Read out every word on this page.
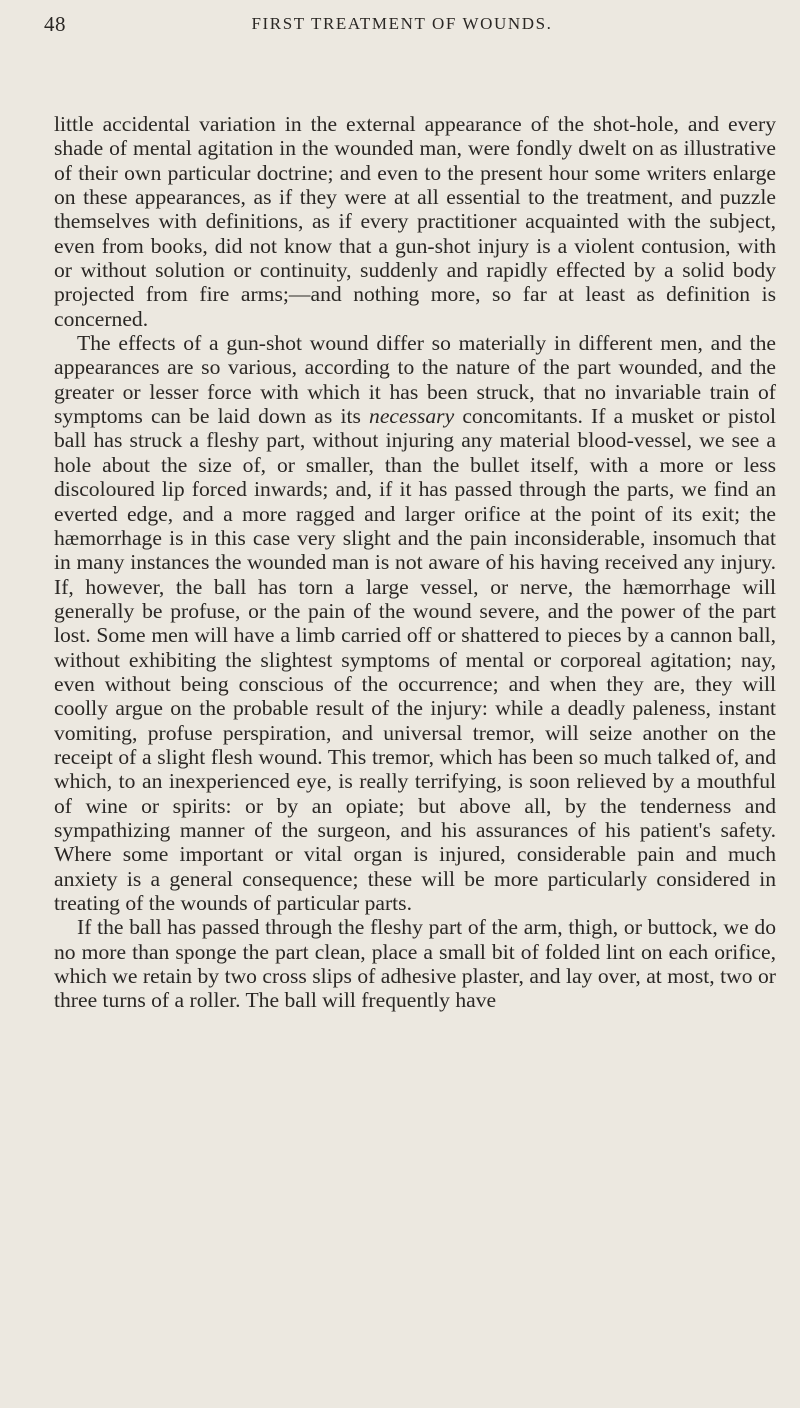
48	FIRST TREATMENT OF WOUNDS.

little accidental variation in the external appearance of the shot-hole, and every shade of mental agitation in the wounded man, were fondly dwelt on as illustrative of their own particular doctrine; and even to the present hour some writers enlarge on these appearances, as if they were at all essential to the treatment, and puzzle themselves with definitions, as if every practitioner acquainted with the subject, even from books, did not know that a gun-shot injury is a violent contusion, with or without solution or continuity, suddenly and rapidly effected by a solid body projected from fire arms;—and nothing more, so far at least as definition is concerned.

The effects of a gun-shot wound differ so materially in different men, and the appearances are so various, according to the nature of the part wounded, and the greater or lesser force with which it has been struck, that no invariable train of symptoms can be laid down as its necessary concomitants. If a musket or pistol ball has struck a fleshy part, without injuring any material blood-vessel, we see a hole about the size of, or smaller, than the bullet itself, with a more or less discoloured lip forced inwards; and, if it has passed through the parts, we find an everted edge, and a more ragged and larger orifice at the point of its exit; the hæmorrhage is in this case very slight and the pain inconsiderable, insomuch that in many instances the wounded man is not aware of his having received any injury. If, however, the ball has torn a large vessel, or nerve, the hæmorrhage will generally be profuse, or the pain of the wound severe, and the power of the part lost. Some men will have a limb carried off or shattered to pieces by a cannon ball, without exhibiting the slightest symptoms of mental or corporeal agitation; nay, even without being conscious of the occurrence; and when they are, they will coolly argue on the probable result of the injury: while a deadly paleness, instant vomiting, profuse perspiration, and universal tremor, will seize another on the receipt of a slight flesh wound. This tremor, which has been so much talked of, and which, to an inexperienced eye, is really terrifying, is soon relieved by a mouthful of wine or spirits: or by an opiate; but above all, by the tenderness and sympathizing manner of the surgeon, and his assurances of his patient's safety. Where some important or vital organ is injured, considerable pain and much anxiety is a general consequence; these will be more particularly considered in treating of the wounds of particular parts.

If the ball has passed through the fleshy part of the arm, thigh, or buttock, we do no more than sponge the part clean, place a small bit of folded lint on each orifice, which we retain by two cross slips of adhesive plaster, and lay over, at most, two or three turns of a roller. The ball will frequently have
